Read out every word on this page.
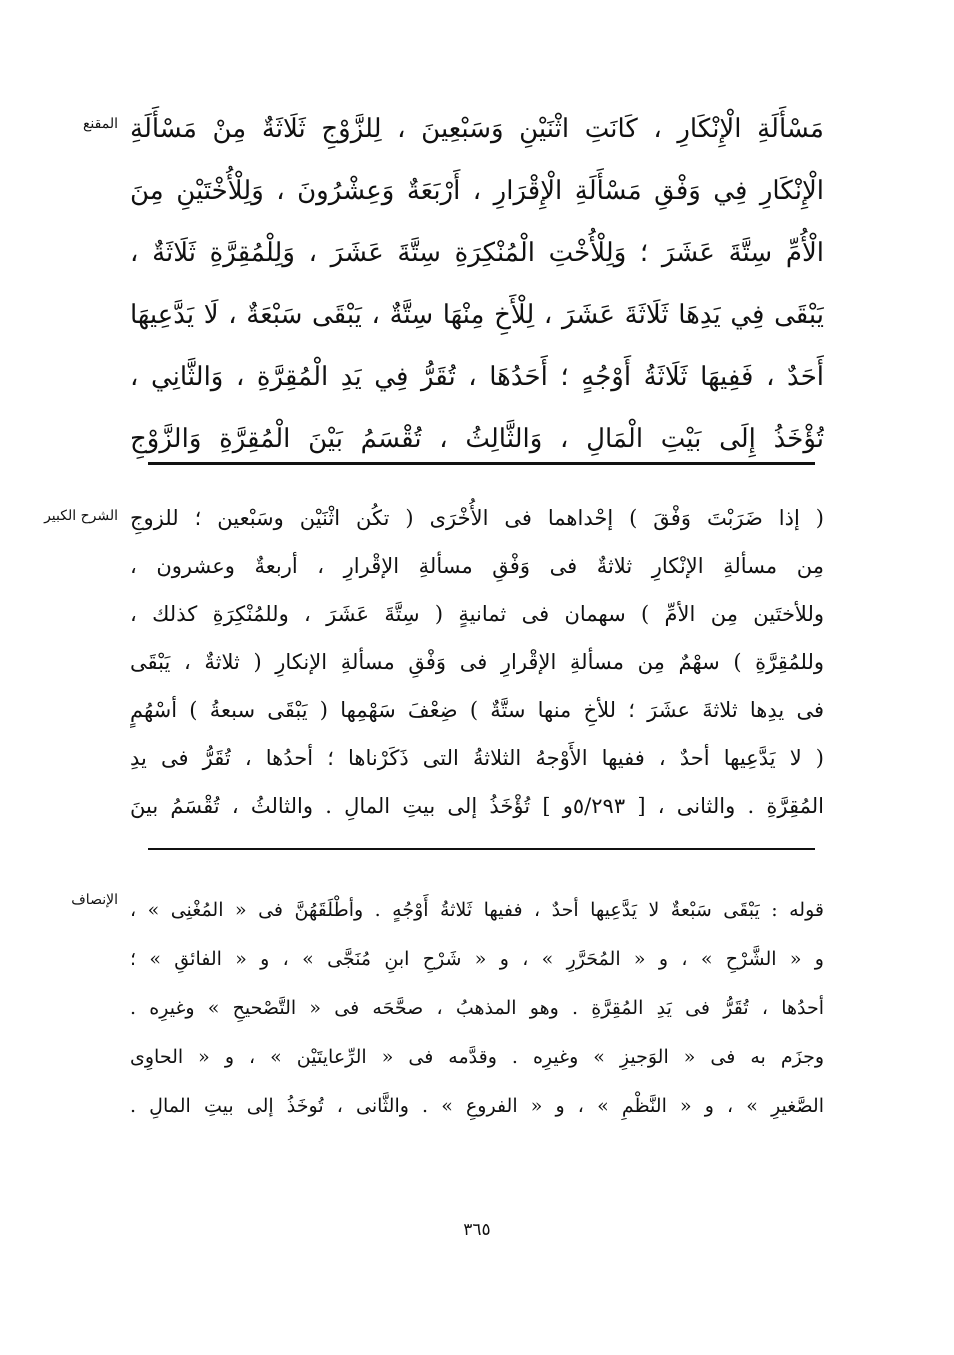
المقنع مَسْأَلَةِ الْإِنْكَارِ ، كَانَتِ اثْنَيْنِ وَسَبْعِينَ ، لِلزَّوْجِ ثَلَاثَةٌ مِنْ مَسْأَلَةِ
الْإِنْكَارِ فِي وَفْقِ مَسْأَلَةِ الْإِقْرَارِ ، أَرْبَعَةٌ وَعِشْرُونَ ، وَلِلْأُخْتَيْنِ مِنَ
الْأُمِّ سِتَّةَ عَشَرَ ؛ وَلِلْأُخْتِ الْمُنْكِرَةِ سِتَّةَ عَشَرَ ، وَلِلْمُقِرَّةِ ثَلَاثَةٌ ،
يَبْقَى فِي يَدِهَا ثَلَاثَةَ عَشَرَ ، لِلْأَخِ مِنْهَا سِتَّةٌ ، يَبْقَى سَبْعَةٌ ، لَا يَدَّعِيهَا
أَحَدٌ ، فَفِيهَا ثَلَاثَةُ أَوْجُهٍ ؛ أَحَدُهَا ، تُقَرُّ فِي يَدِ الْمُقِرَّةِ ، وَالثَّانِي ،
تُؤْخَذُ إِلَى بَيْتِ الْمَالِ ، وَالثَّالِثُ ، تُقْسَمُ بَيْنَ الْمُقِرَّةِ وَالزَّوْجِ
الشرح الكبير ( إذا ضَرَبْتَ وَفْقَ ) إحْداهما فى الأُخْرَى ( تكُن اثْنَيْن وسَبْعين ؛ للزوجِ
مِن مسألةِ الإنْكارِ ثلاثةٌ فى وَفْقِ مسألةِ الإقْرارِ ، أربعةٌ وعشرون ،
وللأختَين مِن الأمِّ ) سهمان فى ثمانيةٍ ( سِتَّةَ عَشَرَ ، وللمُنْكِرَةِ كذلك ،
وللمُقِرَّةِ ) سهْمٌ مِن مسألةِ الإقْرارِ فى وَفْقِ مسألةِ الإنكارِ ( ثلاثةٌ ، يَبْقَى
فى يدِها ثلاثةَ عشَرَ ؛ للأخِ منها ستَّةٌ ) ضِعْفَ سَهْمِها ( يَبْقَى سبعةُ ) أسْهُمٍ
( لا يَدَّعِيها أحدٌ ، ففيها الأَوْجهُ الثلاثةُ التى ذَكَرْناها ؛ أحدُها ، تُقَرُّ فى يدِ
المُقِرَّةِ . والثانى ، [ ٥/٢٩٣و ] تُؤْخَذُ إلى بيتِ المالِ . والثالثُ ، تُقْسَمُ بينَ
الإنصاف قوله : يَبْقَى سَبْعةٌ لا يَدَّعِيها أحدٌ ، ففيها ثَلاثةُ أَوْجُهٍ . وأطْلَقَهُنَّ فى « المُغْنِى » ،
و « الشَّرْحِ » ، و « المُحَرَّرِ » ، و « شَرْحِ ابنِ مُنَجَّى » ، و « الفائقِ » ؛
أحدُها ، تُقَرُّ فى يَدِ المُقِرَّةِ . وهو المذهبُ ، صحَّحَه فى « التَّصْحيحِ » وغيرِه .
وجزَم به فى « الوَجيزِ » وغيرِه . وقدَّمه فى « الرِّعايتَيْن » ، و « الحاوِى
الصَّغيرِ » ، و « النَّظْمِ » ، و « الفروعِ » . والثَّانى ، تُوخَذُ إلى بيتِ المالِ .
٣٦٥
